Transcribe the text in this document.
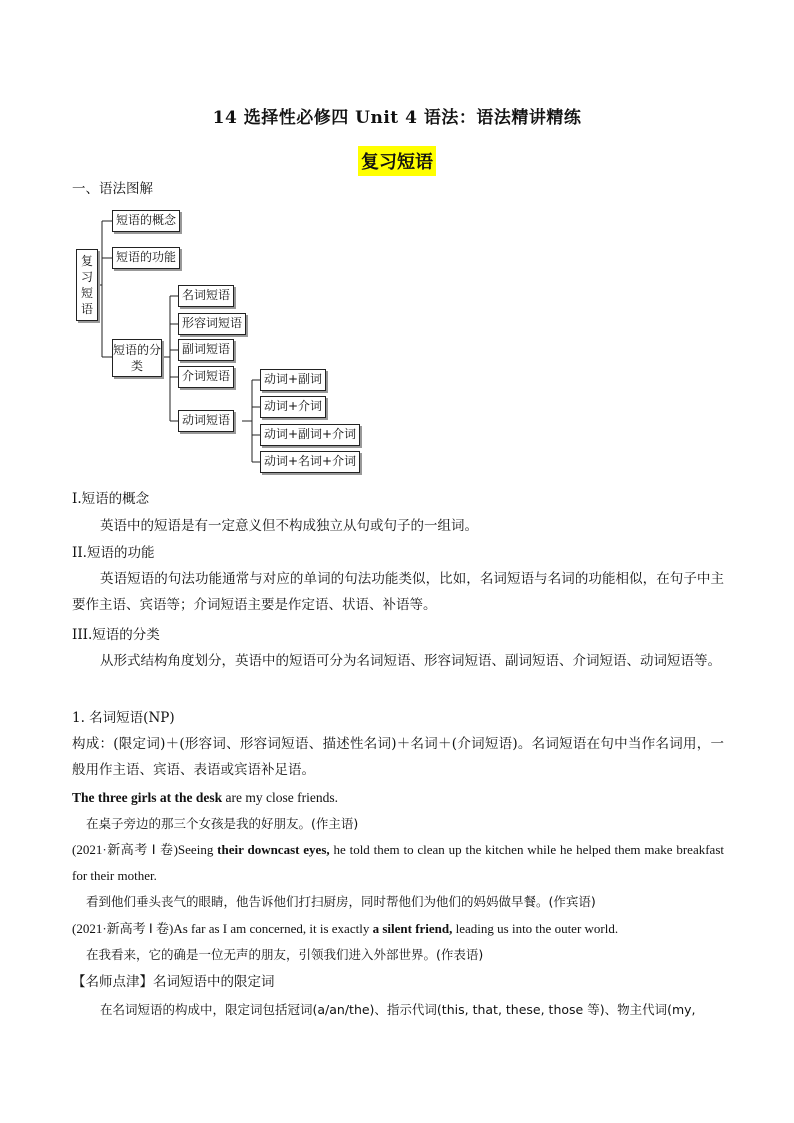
14 选择性必修四 Unit 4 语法：语法精讲精练
复习短语
一、语法图解
复习短语
短语的概念
短语的功能
短语的分类
名词短语
形容词短语
副词短语
介词短语
动词短语
动词+副词
动词+介词
动词+副词+介词
动词+名词+介词
I.短语的概念
英语中的短语是有一定意义但不构成独立从句或句子的一组词。
II.短语的功能
英语短语的句法功能通常与对应的单词的句法功能类似，比如，名词短语与名词的功能相似，在句子中主要作主语、宾语等；介词短语主要是作定语、状语、补语等。
III.短语的分类
从形式结构角度划分，英语中的短语可分为名词短语、形容词短语、副词短语、介词短语、动词短语等。
1. 名词短语(NP)
构成：(限定词)＋(形容词、形容词短语、描述性名词)＋名词＋(介词短语)。名词短语在句中当作名词用，一般用作主语、宾语、表语或宾语补足语。
The three girls at the desk are my close friends.
在桌子旁边的那三个女孩是我的好朋友。(作主语)
(2021·新高考 Ⅰ 卷)Seeing their downcast eyes, he told them to clean up the kitchen while he helped them make breakfast for their mother.
看到他们垂头丧气的眼睛，他告诉他们打扫厨房，同时帮他们为他们的妈妈做早餐。(作宾语)
(2021·新高考 Ⅰ 卷)As far as I am concerned, it is exactly a silent friend, leading us into the outer world.
在我看来，它的确是一位无声的朋友，引领我们进入外部世界。(作表语)
【名师点津】名词短语中的限定词
在名词短语的构成中，限定词包括冠词(a/an/the)、指示代词(this, that, these, those 等)、物主代词(my,
